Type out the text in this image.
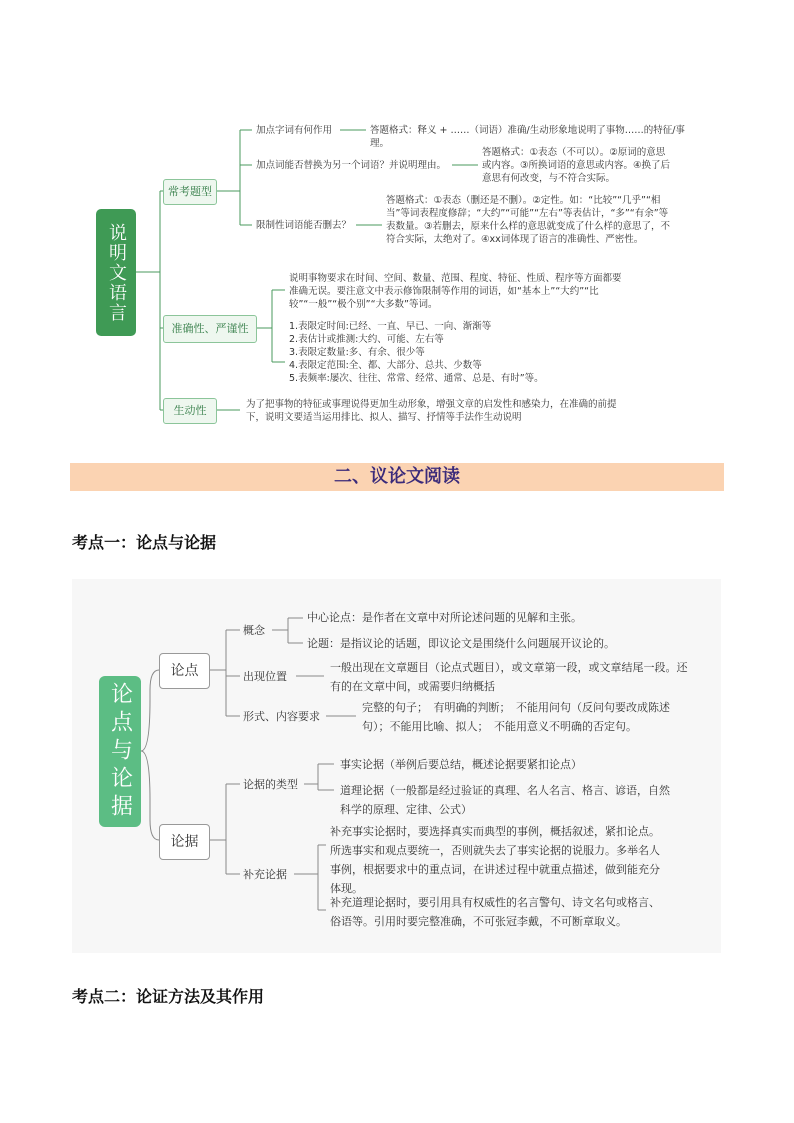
说明文语言
常考题型
准确性、严谨性
生动性
加点字词有何作用	答题格式：释义 + ……（词语）准确/生动形象地说明了事物……的特征/事理。
加点词能否替换为另一个词语？并说明理由。
答题格式：①表态（不可以）。②原词的意思或内容。③所换词语的意思或内容。④换了后意思有何改变，与不符合实际。
限制性词语能否删去？
答题格式：①表态（删还是不删）。②定性。如：“比较”“几乎”“相当”等词表程度修辞；“大约”“可能”“左右”等表估计，“多”“有余”等表数量。③若删去，原来什么样的意思就变成了什么样的意思了，不符合实际，太绝对了。④xx词体现了语言的准确性、严密性。
说明事物要求在时间、空间、数量、范围、程度、特征、性质、程序等方面都要准确无误。要注意文中表示修饰限制等作用的词语，如“基本上”“大约”“比较”“一般”“极个别”“大多数”等词。
1.表限定时间:已经、一直、早已、一向、渐渐等
2.表估计或推测:大约、可能、左右等
3.表限定数量:多、有余、很少等
4.表限定范围:全、都、大部分、总共、少数等
5.表频率:屡次、往往、常常、经常、通常、总是、有时”等。
为了把事物的特征或事理说得更加生动形象，增强文章的启发性和感染力，在准确的前提下，说明文要适当运用排比、拟人、描写、抒情等手法作生动说明
二、议论文阅读
考点一：论点与论据
论点与论据
论点
论据
概念
中心论点：是作者在文章中对所论述问题的见解和主张。
论题：是指议论的话题，即议论文是围绕什么问题展开议论的。
出现位置
一般出现在文章题目（论点式题目），或文章第一段，或文章结尾一段。还有的在文章中间，或需要归纳概括
形式、内容要求
完整的句子；　有明确的判断；　不能用问句（反问句要改成陈述句）；不能用比喻、拟人；　不能用意义不明确的否定句。
论据的类型
事实论据（举例后要总结，概述论据要紧扣论点）
道理论据（一般都是经过验证的真理、名人名言、格言、谚语，自然科学的原理、定律、公式）
补充论据
补充事实论据时，要选择真实而典型的事例，概括叙述，紧扣论点。所选事实和观点要统一，否则就失去了事实论据的说服力。多举名人事例，根据要求中的重点词，在讲述过程中就重点描述，做到能充分体现。
补充道理论据时，要引用具有权威性的名言警句、诗文名句或格言、俗语等。引用时要完整准确，不可张冠李戴，不可断章取义。
考点二：论证方法及其作用
